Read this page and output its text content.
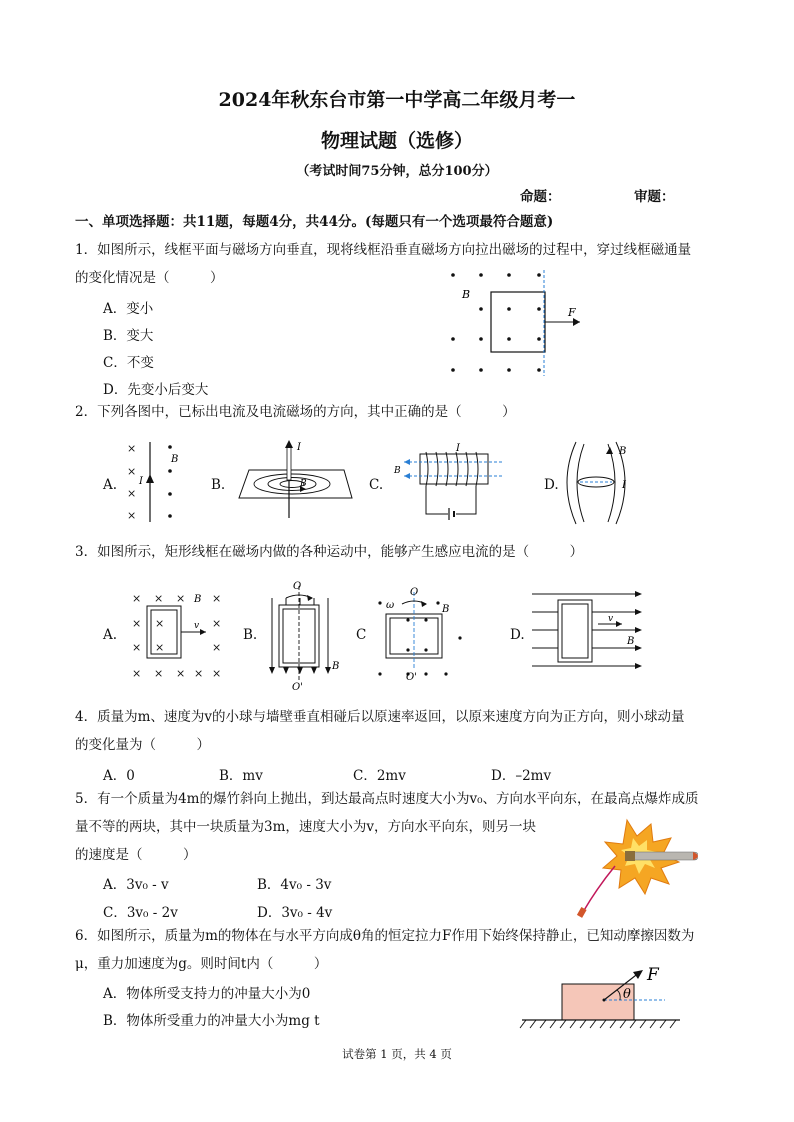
2024年秋东台市第一中学高二年级月考一
物理试题（选修）
（考试时间75分钟，总分100分）
命题：	审题：
一、单项选择题：共11题，每题4分，共44分。(每题只有一个选项最符合题意)
1．如图所示，线框平面与磁场方向垂直，现将线框沿垂直磁场方向拉出磁场的过程中，穿过线框磁通量
的变化情况是（　　　）
A．变小
B．变大
C．不变
D．先变小后变大
B
F
2．下列各图中，已标出电流及电流磁场的方向，其中正确的是（　　　）
A.	B.	C.	D.
×
×
×
×
I
B
I
B
I
B
B
I
3．如图所示，矩形线框在磁场内做的各种运动中，能够产生感应电流的是（　　　）
A.	B.	C	D.
× × × ×
×	×
×	×
× × × × ×
×
×
B
v
O
O'
B
O
O'
ω	B
v
B
4．质量为m、速度为v的小球与墙壁垂直相碰后以原速率返回，以原来速度方向为正方向，则小球动量
的变化量为（　　　）
A．0	B．mv	C．2mv	D．–2mv
5．有一个质量为4m的爆竹斜向上抛出，到达最高点时速度大小为v₀、方向水平向东，在最高点爆炸成质
量不等的两块，其中一块质量为3m，速度大小为v，方向水平向东，则另一块
的速度是（　　　）
A．3v₀ - v	B．4v₀ - 3v
C．3v₀ - 2v	D．3v₀ - 4v
6．如图所示，质量为m的物体在与水平方向成θ角的恒定拉力F作用下始终保持静止，已知动摩擦因数为
μ，重力加速度为g。则时间t内（　　　）
A．物体所受支持力的冲量大小为0
B．物体所受重力的冲量大小为mg t
F
θ
试卷第 1 页，共 4 页
